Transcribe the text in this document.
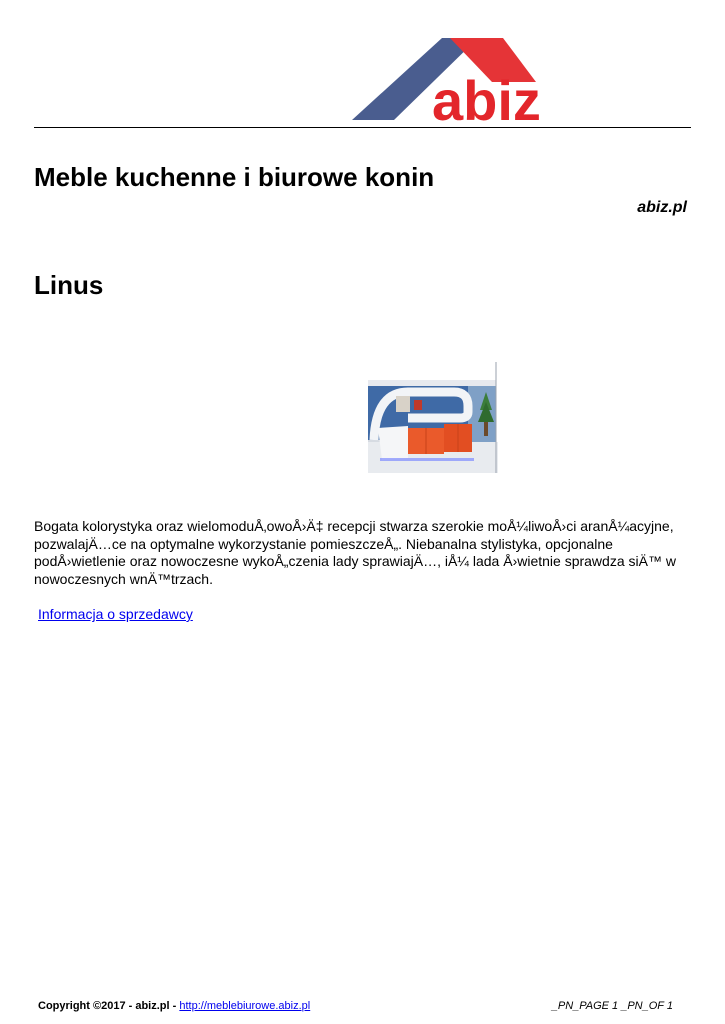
abiz
Meble kuchenne i biurowe konin
abiz.pl
Linus

Bogata kolorystyka oraz wielomoduÅ‚owoÅ›Ä‡ recepcji stwarza szerokie moÅ¼liwoÅ›ci aranÅ¼acyjne, pozwalajÄ…ce na optymalne wykorzystanie pomieszczeÅ„. Niebanalna stylistyka, opcjonalne podÅ›wietlenie oraz nowoczesne wykoÅ„czenia lady sprawiajÄ…, iÅ¼ lada Å›wietnie sprawdza siÄ™ w nowoczesnych wnÄ™trzach.

Informacja o sprzedawcy
Copyright ©2017 - abiz.pl - http://meblebiurowe.abiz.pl	_PN_PAGE 1 _PN_OF 1
